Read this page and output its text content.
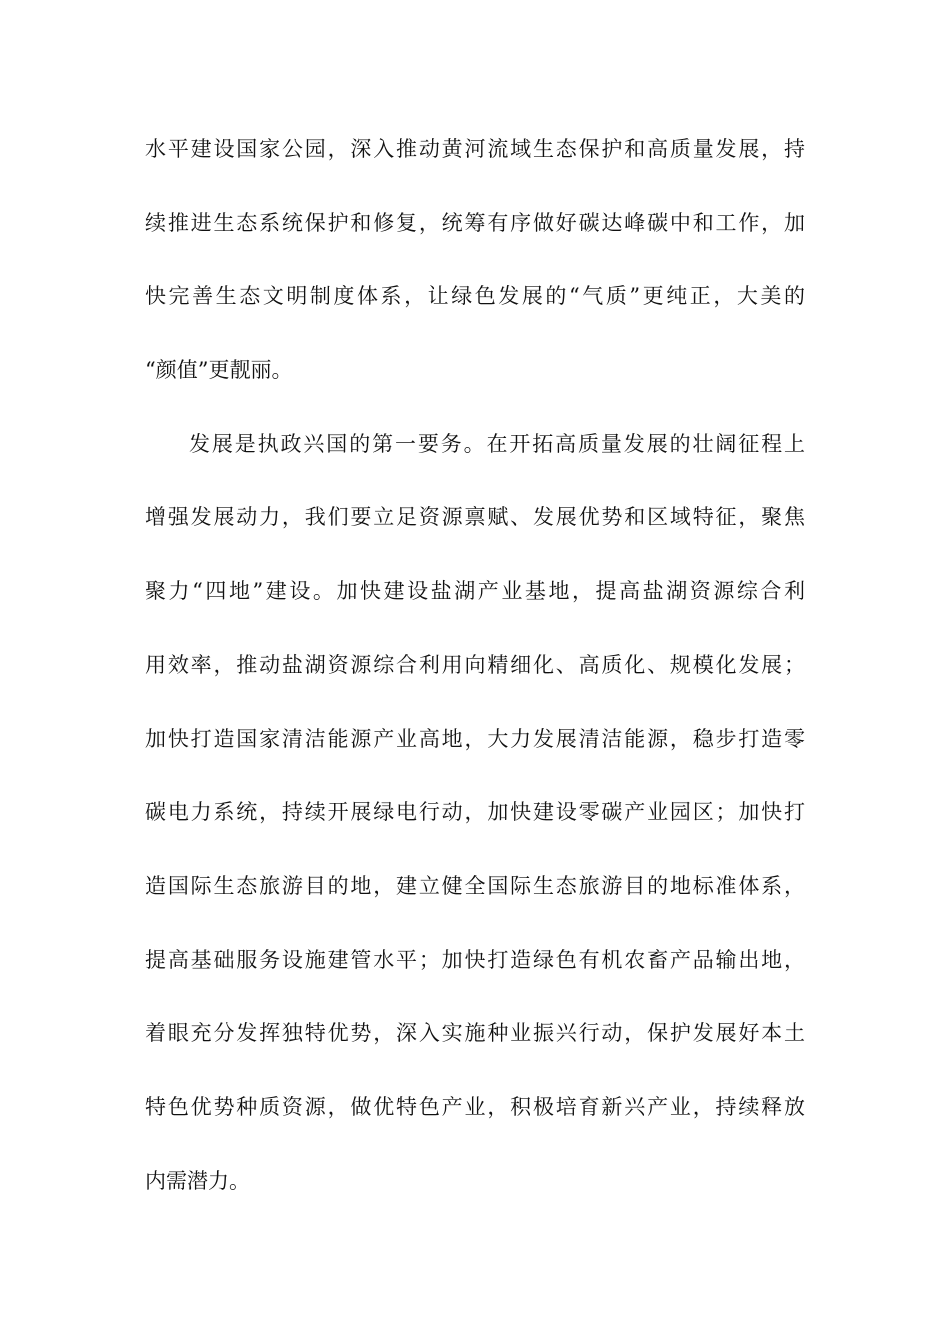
水平建设国家公园，深入推动黄河流域生态保护和高质量发展，持
续推进生态系统保护和修复，统筹有序做好碳达峰碳中和工作，加
快完善生态文明制度体系，让绿色发展的“气质”更纯正，大美的
“颜值”更靓丽。
发展是执政兴国的第一要务。在开拓高质量发展的壮阔征程上
增强发展动力，我们要立足资源禀赋、发展优势和区域特征，聚焦
聚力“四地”建设。加快建设盐湖产业基地，提高盐湖资源综合利
用效率，推动盐湖资源综合利用向精细化、高质化、规模化发展；
加快打造国家清洁能源产业高地，大力发展清洁能源，稳步打造零
碳电力系统，持续开展绿电行动，加快建设零碳产业园区；加快打
造国际生态旅游目的地，建立健全国际生态旅游目的地标准体系，
提高基础服务设施建管水平；加快打造绿色有机农畜产品输出地，
着眼充分发挥独特优势，深入实施种业振兴行动，保护发展好本土
特色优势种质资源，做优特色产业，积极培育新兴产业，持续释放
内需潜力。
